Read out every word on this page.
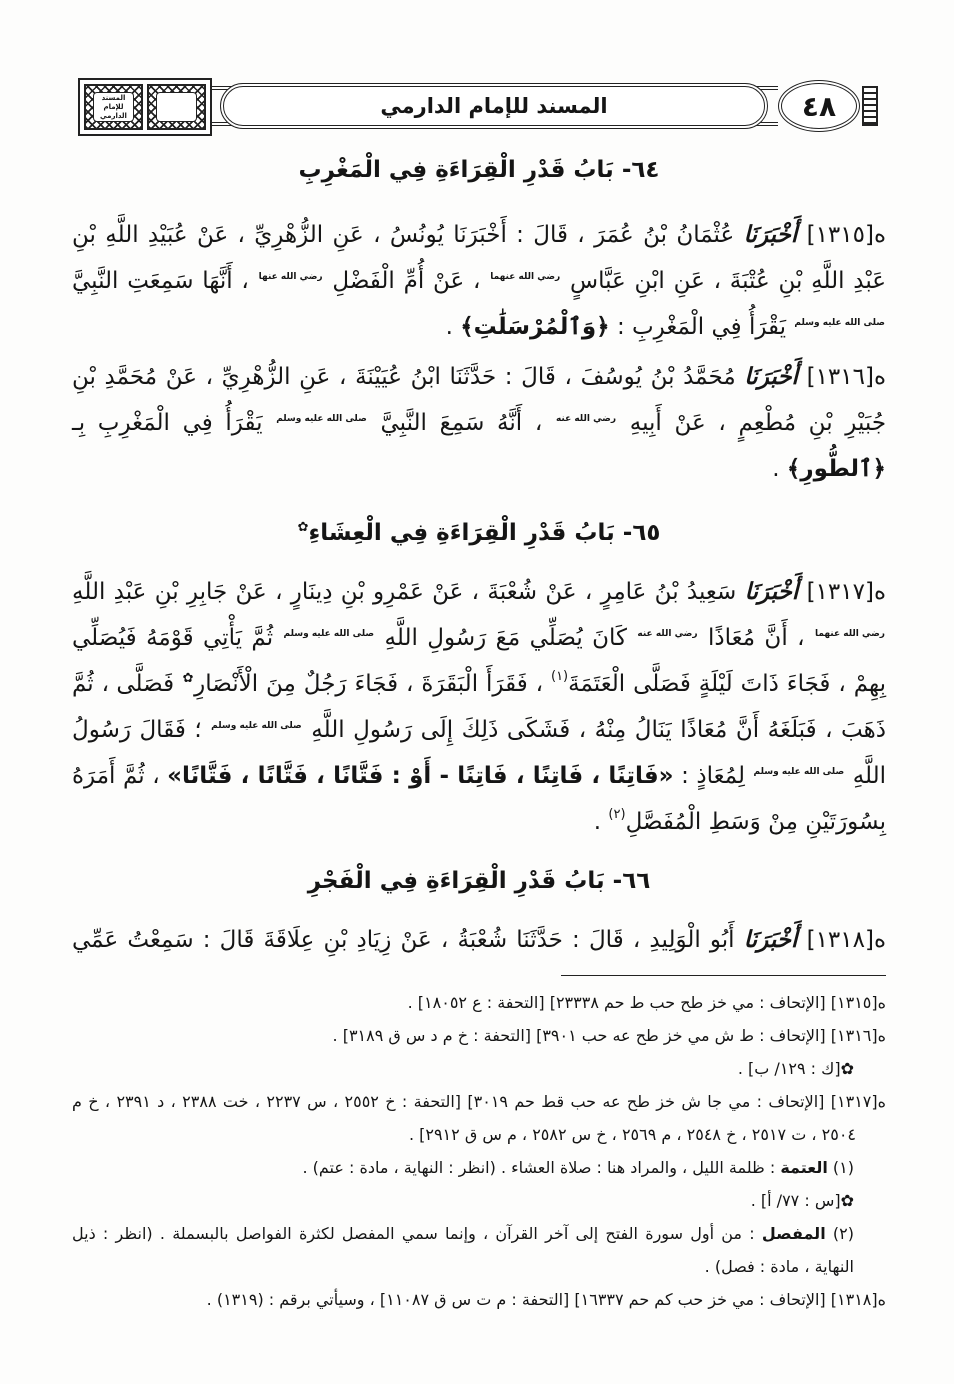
المسند للإمام الدارمي	المسند للإمام الدارمي	٤٨
٦٤- بَابُ قَدْرِ الْقِرَاءَةِ فِي الْمَغْرِبِ

ه[١٣١٥] أَخْبَرَنَا عُثْمَانُ بْنُ عُمَرَ ، قَالَ : أَخْبَرَنَا يُونُسُ ، عَنِ الزُّهْرِيِّ ، عَنْ عُبَيْدِ اللَّهِ بْنِ عَبْدِ اللَّهِ بْنِ عُتْبَةَ ، عَنِ ابْنِ عَبَّاسٍ رضي الله عنهما ، عَنْ أُمِّ الْفَضْلِ رضي الله عنها ، أَنَّهَا سَمِعَتِ النَّبِيَّ صلى الله عليه وسلم يَقْرَأُ فِي الْمَغْرِبِ : ﴿وَٱلْمُرْسَلَٰتِ﴾ .

ه[١٣١٦] أَخْبَرَنَا مُحَمَّدُ بْنُ يُوسُفَ ، قَالَ : حَدَّثَنَا ابْنُ عُيَيْنَةَ ، عَنِ الزُّهْرِيِّ ، عَنْ مُحَمَّدِ بْنِ جُبَيْرِ بْنِ مُطْعِمٍ ، عَنْ أَبِيهِ رضي الله عنه ، أَنَّهُ سَمِعَ النَّبِيَّ صلى الله عليه وسلم يَقْرَأُ فِي الْمَغْرِبِ بِـ ﴿ٱلطُّورِ﴾ .

٦٥- بَابُ قَدْرِ الْقِرَاءَةِ فِي الْعِشَاءِ✿

ه[١٣١٧] أَخْبَرَنَا سَعِيدُ بْنُ عَامِرٍ ، عَنْ شُعْبَةَ ، عَنْ عَمْرِو بْنِ دِينَارٍ ، عَنْ جَابِرِ بْنِ عَبْدِ اللَّهِ رضي الله عنهما ، أَنَّ مُعَاذًا رضي الله عنه كَانَ يُصَلِّي مَعَ رَسُولِ اللَّهِ صلى الله عليه وسلم ثُمَّ يَأْتِي قَوْمَهُ فَيُصَلِّي بِهِمْ ، فَجَاءَ ذَاتَ لَيْلَةٍ فَصَلَّى الْعَتَمَةَ$^{(١)}$ ، فَقَرَأَ الْبَقَرَةَ ، فَجَاءَ رَجُلٌ مِنَ الْأَنْصَارِ✿ فَصَلَّى ، ثُمَّ ذَهَبَ ، فَبَلَغَهُ أَنَّ مُعَاذًا يَنَالُ مِنْهُ ، فَشَكَى ذَلِكَ إِلَى رَسُولِ اللَّهِ صلى الله عليه وسلم ؛ فَقَالَ رَسُولُ اللَّهِ صلى الله عليه وسلم لِمُعَاذٍ : «فَاتِنًا ، فَاتِنًا ، فَاتِنًا - أَوْ : فَتَّانًا ، فَتَّانًا ، فَتَّانًا» ، ثُمَّ أَمَرَهُ بِسُورَتَيْنِ مِنْ وَسَطِ الْمُفَصَّلِ$^{(٢)}$ .

٦٦- بَابُ قَدْرِ الْقِرَاءَةِ فِي الْفَجْرِ

ه[١٣١٨] أَخْبَرَنَا أَبُو الْوَلِيدِ ، قَالَ : حَدَّثَنَا شُعْبَةُ ، عَنْ زِيَادِ بْنِ عِلَاقَةَ قَالَ : سَمِعْتُ عَمِّي

ه[١٣١٥] [الإتحاف : مي خز طح حب ط حم ٢٣٣٣٨] [التحفة : ع ١٨٠٥٢] .
ه[١٣١٦] [الإتحاف : ط ش مي خز طح عه حب ٣٩٠١] [التحفة : خ م د س ق ٣١٨٩] .
✿[ك : ١٢٩/ ب] .
ه[١٣١٧] [الإتحاف : مي جا ش خز طح عه حب قط حم ٣٠١٩] [التحفة : خ ٢٥٥٢ ، س ٢٢٣٧ ، خت ٢٣٨٨ ، د ٢٣٩١ ، خ م ٢٥٠٤ ، ت ٢٥١٧ ، خ ٢٥٤٨ ، م ٢٥٦٩ ، خ س ٢٥٨٢ ، م س ق ٢٩١٢] .
(١) العتمة : ظلمة الليل ، والمراد هنا : صلاة العشاء . (انظر : النهاية ، مادة : عتم) .
✿[س : ٧٧/ أ] .
(٢) المفصل : من أول سورة الفتح إلى آخر القرآن ، وإنما سمي المفصل لكثرة الفواصل بالبسملة . (انظر : ذيل النهاية ، مادة : فصل) .
ه[١٣١٨] [الإتحاف : مي خز حب كم حم ١٦٣٣٧] [التحفة : م ت س ق ١١٠٨٧] ، وسيأتي برقم : (١٣١٩) .
